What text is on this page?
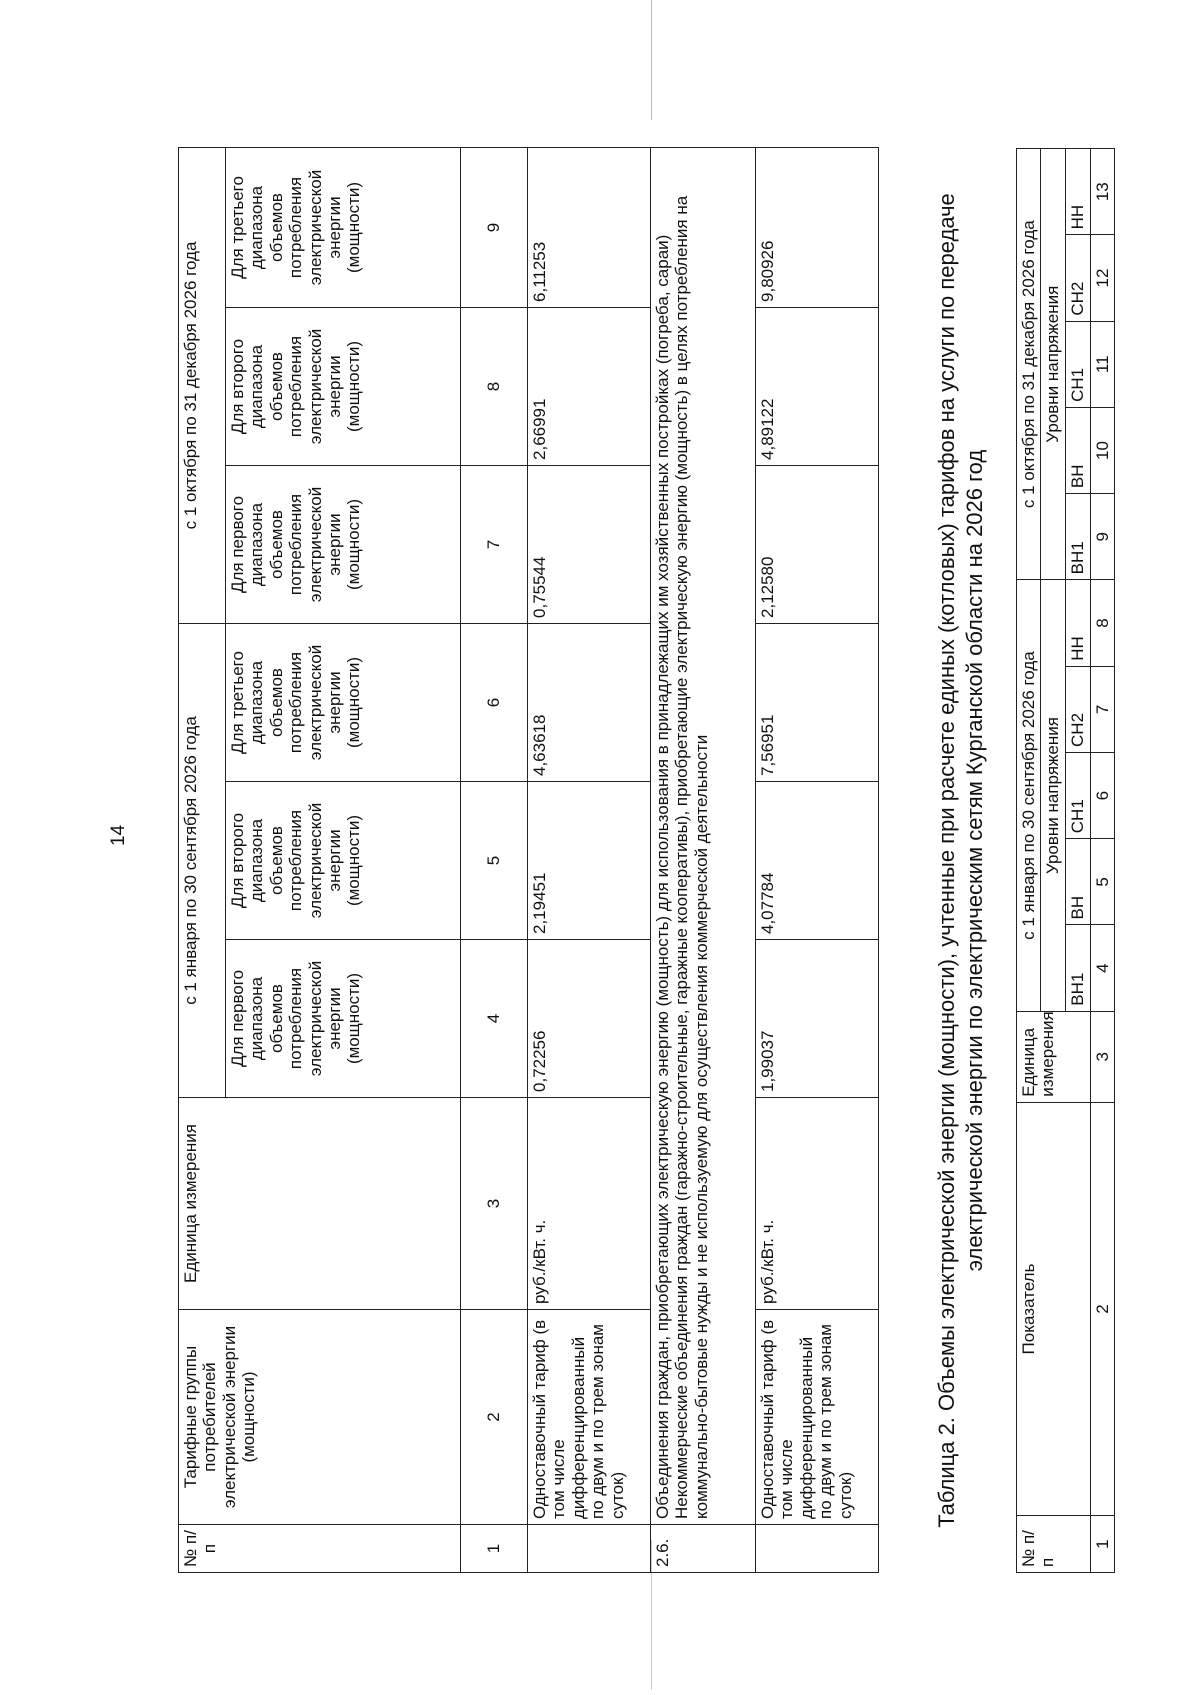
14
№ п/п	Тарифные группы потребителей электрической энергии (мощности)	Единица измерения	с 1 января по 30 сентября 2026 года			с 1 октября по 31 декабря 2026 года		
			Для первого диапазона объемов потребления электрической энергии (мощности)	Для второго диапазона объемов потребления электрической энергии (мощности)	Для третьего диапазона объемов потребления электрической энергии (мощности)	Для первого диапазона объемов потребления электрической энергии (мощности)	Для второго диапазона объемов потребления электрической энергии (мощности)	Для третьего диапазона объемов потребления электрической энергии (мощности)
1	2	3	4	5	6	7	8	9
	Одноставочный тариф (в том числе дифференцированный по двум и по трем зонам суток)	руб./кВт. ч.	0,72256	2,19451	4,63618	0,75544	2,66991	6,11253
2.6.	Объединения граждан, приобретающих электрическую энергию (мощность) для использования в принадлежащих им хозяйственных постройках (погреба, сараи) Некоммерческие объединения граждан (гаражно-строительные, гаражные кооперативы), приобретающие электрическую энергию (мощность) в целях потребления на коммунально-бытовые нужды и не используемую для осуществления коммерческой деятельности							

	Одноставочный тариф (в том числе дифференцированный по двум и по трем зонам суток)	руб./кВт. ч.	1,99037	4,07784	7,56951	2,12580	4,89122	9,80926	Таблица 2. Объемы электрической энергии (мощности), учтенные при расчете единых (котловых) тарифов на услуги по передаче электрической энергии по электрическим сетям Курганской области на 2026 год
№ п/п	Показатель	Единица измерения	с 1 января по 30 сентября 2026 года					с 1 октября по 31 декабря 2026 года				
			Уровни напряжения					Уровни напряжения				
			ВН1	ВН	СН1	СН2	НН	ВН1	ВН	СН1	СН2	НН
1	2	3	4	5	6	7	8	9	10	11	12	13
